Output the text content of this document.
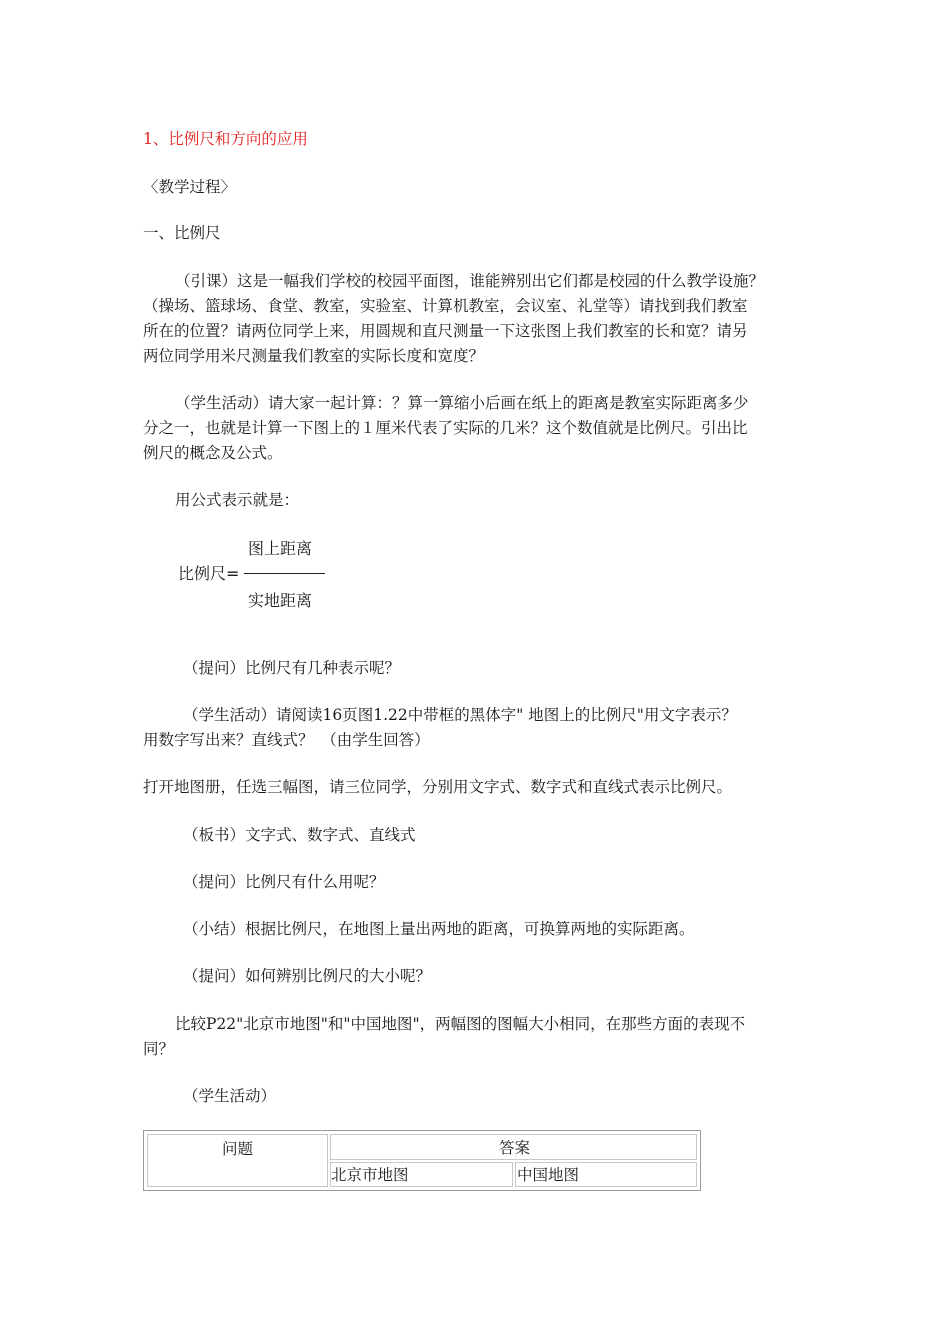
1、比例尺和方向的应用
〈教学过程〉
一、比例尺
（引课）这是一幅我们学校的校园平面图，谁能辨别出它们都是校园的什么教学设施？
（操场、篮球场、食堂、教室，实验室、计算机教室，会议室、礼堂等）请找到我们教室
所在的位置？请两位同学上来，用圆规和直尺测量一下这张图上我们教室的长和宽？请另
两位同学用米尺测量我们教室的实际长度和宽度？
（学生活动）请大家一起计算：？算一算缩小后画在纸上的距离是教室实际距离多少
分之一，也就是计算一下图上的１厘米代表了实际的几米？这个数值就是比例尺。引出比
例尺的概念及公式。
用公式表示就是：
比例尺=
图上距离
实地距离
（提问）比例尺有几种表示呢？
（学生活动）请阅读16页图1.22中带框的黑体字" 地图上的比例尺"用文字表示？
用数字写出来？直线式？　（由学生回答）
打开地图册，任选三幅图，请三位同学，分别用文字式、数字式和直线式表示比例尺。
（板书）文字式、数字式、直线式
（提问）比例尺有什么用呢？
（小结）根据比例尺，在地图上量出两地的距离，可换算两地的实际距离。
（提问）如何辨别比例尺的大小呢？
比较P22"北京市地图"和"中国地图"，两幅图的图幅大小相同，在那些方面的表现不
同？
（学生活动）
问题	答案
北京市地图	中国地图
